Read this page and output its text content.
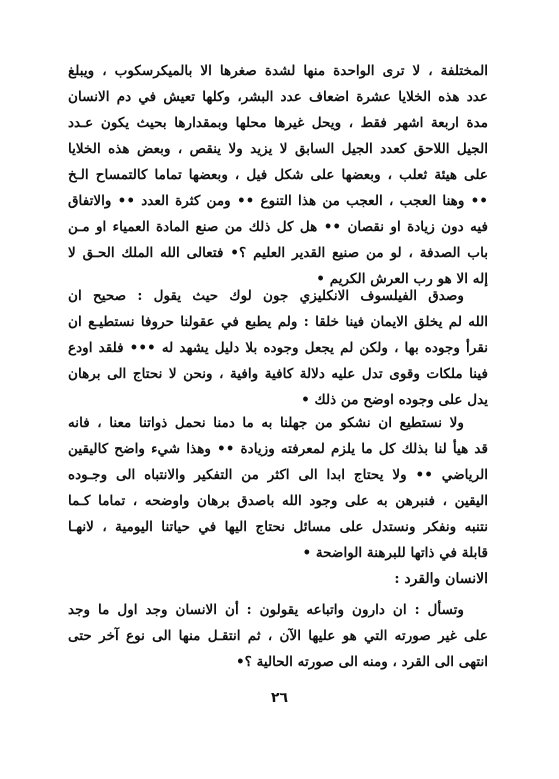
المختلفة ، لا ترى الواحدة منها لشدة صغرها الا بالميكرسكوب ، ويبلغ
عدد هذه الخلايا عشرة اضعاف عدد البشر، وكلها تعيش في دم الانسان
مدة اربعة اشهر فقط ، ويحل غيرها محلها وبمقدارها بحيث يكون عـدد
الجيل اللاحق كعدد الجيل السابق لا يزيد ولا ينقص ، وبعض هذه الخلايا
على هيئة ثعلب ، وبعضها على شكل فيل ، وبعضها تماما كالتمساح الـخ
•• وهنا العجب ، العجب من هذا التنوع •• ومن كثرة العدد •• والاتفاق
فيه دون زيادة او نقصان •• هل كل ذلك من صنع المادة العمياء او مـن
باب الصدفة ، لو من صنيع القدير العليم ؟• فتعالى الله الملك الحـق لا
إله الا هو رب العرش الكريم •
وصدق الفيلسوف الانكليزي جون لوك حيث يقول : صحيح ان
الله لم يخلق الايمان فينا خلقا : ولم يطبع في عقولنا حروفا نستطيـع ان
نقرأ وجوده بها ، ولكن لم يجعل وجوده بلا دليل يشهد له ••• فلقد اودع
فينا ملكات وقوى تدل عليه دلالة كافية وافية ، ونحن لا نحتاج الى برهان
يدل على وجوده اوضح من ذلك •
ولا نستطيع ان نشكو من جهلنا به ما دمنا نحمل ذواتنا معنا ، فانه
قد هيأ لنا بذلك كل ما يلزم لمعرفته وزيادة •• وهذا شيء واضح كاليقين
الرياضي •• ولا يحتاج ابدا الى اكثر من التفكير والانتباه الى وجـوده
اليقين ، فنبرهن به على وجود الله باصدق برهان واوضحه ، تماما كـما
نتنبه ونفكر ونستدل على مسائل نحتاج اليها في حياتنا اليومية ، لانهـا
قابلة في ذاتها للبرهنة الواضحة •
الانسان والقرد :
وتسأل : ان دارون واتباعه يقولون : أن الانسان وجد اول ما وجد
على غير صورته التي هو عليها الآن ، ثم انتقـل منها الى نوع آخر حتى
انتهى الى القرد ، ومنه الى صورته الحالية ؟•
٢٦
